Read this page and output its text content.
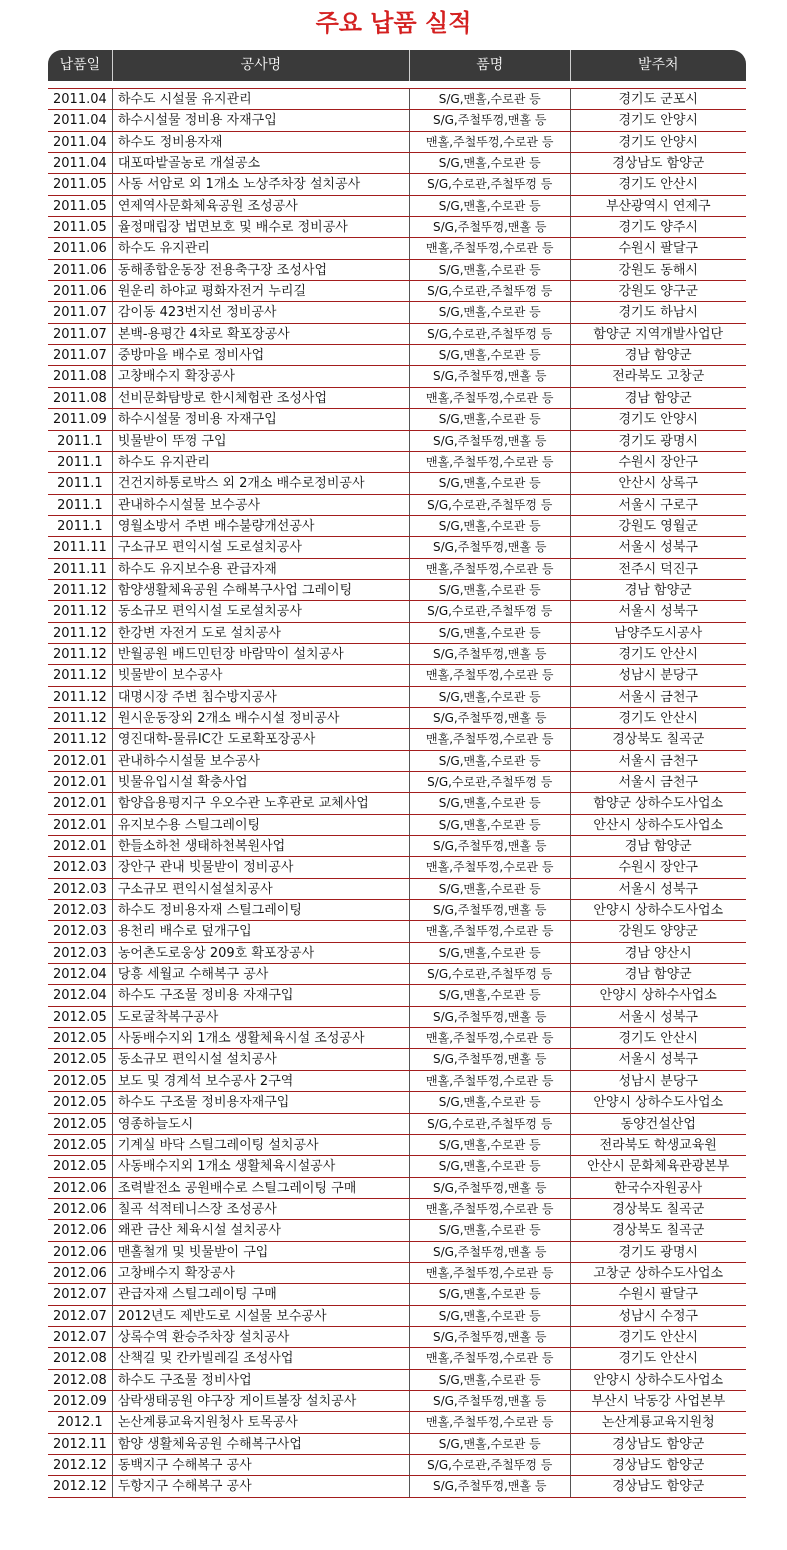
주요 납품 실적
납품일	공사명	품명	발주처
2011.04 하수도 시설물 유지관리	S/G,맨홀,수로관 등	경기도 군포시
2011.04 하수시설물 정비용 자재구입	S/G,주철뚜껑,맨홀 등	경기도 안양시
2011.04 하수도 정비용자재	맨홀,주철뚜껑,수로관 등	경기도 안양시
2011.04 대포따밭골농로 개설공소	S/G,맨홀,수로관 등	경상남도 함양군
2011.05 사동 서암로 외 1개소 노상주차장 설치공사	S/G,수로관,주철뚜껑 등	경기도 안산시
2011.05 연제역사문화체육공원 조성공사	S/G,맨홀,수로관 등	부산광역시 연제구
2011.05 율정매립장 법면보호 및 배수로 정비공사	S/G,주철뚜껑,맨홀 등	경기도 양주시
2011.06 하수도 유지관리	맨홀,주철뚜껑,수로관 등	수원시 팔달구
2011.06 동해종합운동장 전용축구장 조성사업	S/G,맨홀,수로관 등	강원도 동해시
2011.06 원운리 하야교 평화자전거 누리길	S/G,수로관,주철뚜껑 등	강원도 양구군
2011.07 감이동 423번지선 정비공사	S/G,맨홀,수로관 등	경기도 하남시
2011.07 본백-용평간 4차로 확포장공사	S/G,수로관,주철뚜껑 등	함양군 지역개발사업단
2011.07 중방마을 배수로 정비사업	S/G,맨홀,수로관 등	경남 함양군
2011.08 고창배수지 확장공사	S/G,주철뚜껑,맨홀 등	전라북도 고창군
2011.08 선비문화탐방로 한시체험관 조성사업	맨홀,주철뚜껑,수로관 등	경남 함양군
2011.09 하수시설물 정비용 자재구입	S/G,맨홀,수로관 등	경기도 안양시
2011.1	빗물받이 뚜껑 구입	S/G,주철뚜껑,맨홀 등	경기도 광명시
2011.1	하수도 유지관리	맨홀,주철뚜껑,수로관 등	수원시 장안구
2011.1	건건지하통로박스 외 2개소 배수로정비공사	S/G,맨홀,수로관 등	안산시 상록구
2011.1	관내하수시설물 보수공사	S/G,수로관,주철뚜껑 등	서울시 구로구
2011.1	영월소방서 주변 배수불량개선공사	S/G,맨홀,수로관 등	강원도 영월군
2011.11 구소규모 편익시설 도로설치공사	S/G,주철뚜껑,맨홀 등	서울시 성북구
2011.11 하수도 유지보수용 관급자재	맨홀,주철뚜껑,수로관 등	전주시 덕진구
2011.12 함양생활체육공원 수해복구사업 그레이팅	S/G,맨홀,수로관 등	경남 함양군
2011.12 동소규모 편익시설 도로설치공사	S/G,수로관,주철뚜껑 등	서울시 성북구
2011.12 한강변 자전거 도로 설치공사	S/G,맨홀,수로관 등	남양주도시공사
2011.12 반월공원 배드민턴장 바람막이 설치공사	S/G,주철뚜껑,맨홀 등	경기도 안산시
2011.12 빗물받이 보수공사	맨홀,주철뚜껑,수로관 등	성남시 분당구
2011.12 대명시장 주변 침수방지공사	S/G,맨홀,수로관 등	서울시 금천구
2011.12 원시운동장외 2개소 배수시설 정비공사	S/G,주철뚜껑,맨홀 등	경기도 안산시
2011.12 영진대학-물류IC간 도로확포장공사	맨홀,주철뚜껑,수로관 등	경상북도 칠곡군
2012.01 관내하수시설물 보수공사	S/G,맨홀,수로관 등	서울시 금천구
2012.01 빗물유입시설 확충사업	S/G,수로관,주철뚜껑 등	서울시 금천구
2012.01 함양읍용평지구 우오수관 노후관로 교체사업	S/G,맨홀,수로관 등	함양군 상하수도사업소
2012.01 유지보수용 스틸그레이팅	S/G,맨홀,수로관 등	안산시 상하수도사업소
2012.01 한들소하천 생태하천복원사업	S/G,주철뚜껑,맨홀 등	경남 함양군
2012.03 장안구 관내 빗물받이 정비공사	맨홀,주철뚜껑,수로관 등	수원시 장안구
2012.03 구소규모 편익시설설치공사	S/G,맨홀,수로관 등	서울시 성북구
2012.03 하수도 정비용자재 스틸그레이팅	S/G,주철뚜껑,맨홀 등	안양시 상하수도사업소
2012.03 용천리 배수로 덮개구입	맨홀,주철뚜껑,수로관 등	강원도 양양군
2012.03 농어촌도로웅상 209호 확포장공사	S/G,맨홀,수로관 등	경남 양산시
2012.04 당흥 세월교 수해복구 공사	S/G,수로관,주철뚜껑 등	경남 함양군
2012.04 하수도 구조물 정비용 자재구입	S/G,맨홀,수로관 등	안양시 상하수사업소
2012.05 도로굴착복구공사	S/G,주철뚜껑,맨홀 등	서울시 성북구
2012.05 사동배수지외 1개소 생활체육시설 조성공사	맨홀,주철뚜껑,수로관 등	경기도 안산시
2012.05 동소규모 편익시설 설치공사	S/G,주철뚜껑,맨홀 등	서울시 성북구
2012.05 보도 및 경계석 보수공사 2구역	맨홀,주철뚜껑,수로관 등	성남시 분당구
2012.05 하수도 구조물 정비용자재구입	S/G,맨홀,수로관 등	안양시 상하수도사업소
2012.05 영종하늘도시	S/G,수로관,주철뚜껑 등	동양건설산업
2012.05 기계실 바닥 스틸그레이팅 설치공사	S/G,맨홀,수로관 등	전라북도 학생교육원
2012.05 사동배수지외 1개소 생활체육시설공사	S/G,맨홀,수로관 등	안산시 문화체육관광본부
2012.06 조력발전소 공원배수로 스틸그레이팅 구매	S/G,주철뚜껑,맨홀 등	한국수자원공사
2012.06 칠곡 석적테니스장 조성공사	맨홀,주철뚜껑,수로관 등	경상북도 칠곡군
2012.06 왜관 금산 체육시설 설치공사	S/G,맨홀,수로관 등	경상북도 칠곡군
2012.06 맨홀철개 및 빗물받이 구입	S/G,주철뚜껑,맨홀 등	경기도 광명시
2012.06 고창배수지 확장공사	맨홀,주철뚜껑,수로관 등	고창군 상하수도사업소
2012.07 관급자재 스틸그레이팅 구매	S/G,맨홀,수로관 등	수원시 팔달구
2012.07 2012년도 제반도로 시설물 보수공사	S/G,맨홀,수로관 등	성남시 수정구
2012.07 상록수역 환승주차장 설치공사	S/G,주철뚜껑,맨홀 등	경기도 안산시
2012.08 산책길 및 칸카빌레길 조성사업	맨홀,주철뚜껑,수로관 등	경기도 안산시
2012.08 하수도 구조물 정비사업	S/G,맨홀,수로관 등	안양시 상하수도사업소
2012.09 삼락생태공원 야구장 게이트볼장 설치공사	S/G,주철뚜껑,맨홀 등	부산시 낙동강 사업본부
2012.1	논산계룡교육지원청사 토목공사	맨홀,주철뚜껑,수로관 등	논산계룡교육지원청
2012.11 함양 생활체육공원 수해복구사업	S/G,맨홀,수로관 등	경상남도 함양군
2012.12 동백지구 수해복구 공사	S/G,수로관,주철뚜껑 등	경상남도 함양군
2012.12 두항지구 수해복구 공사	S/G,주철뚜껑,맨홀 등	경상남도 함양군
